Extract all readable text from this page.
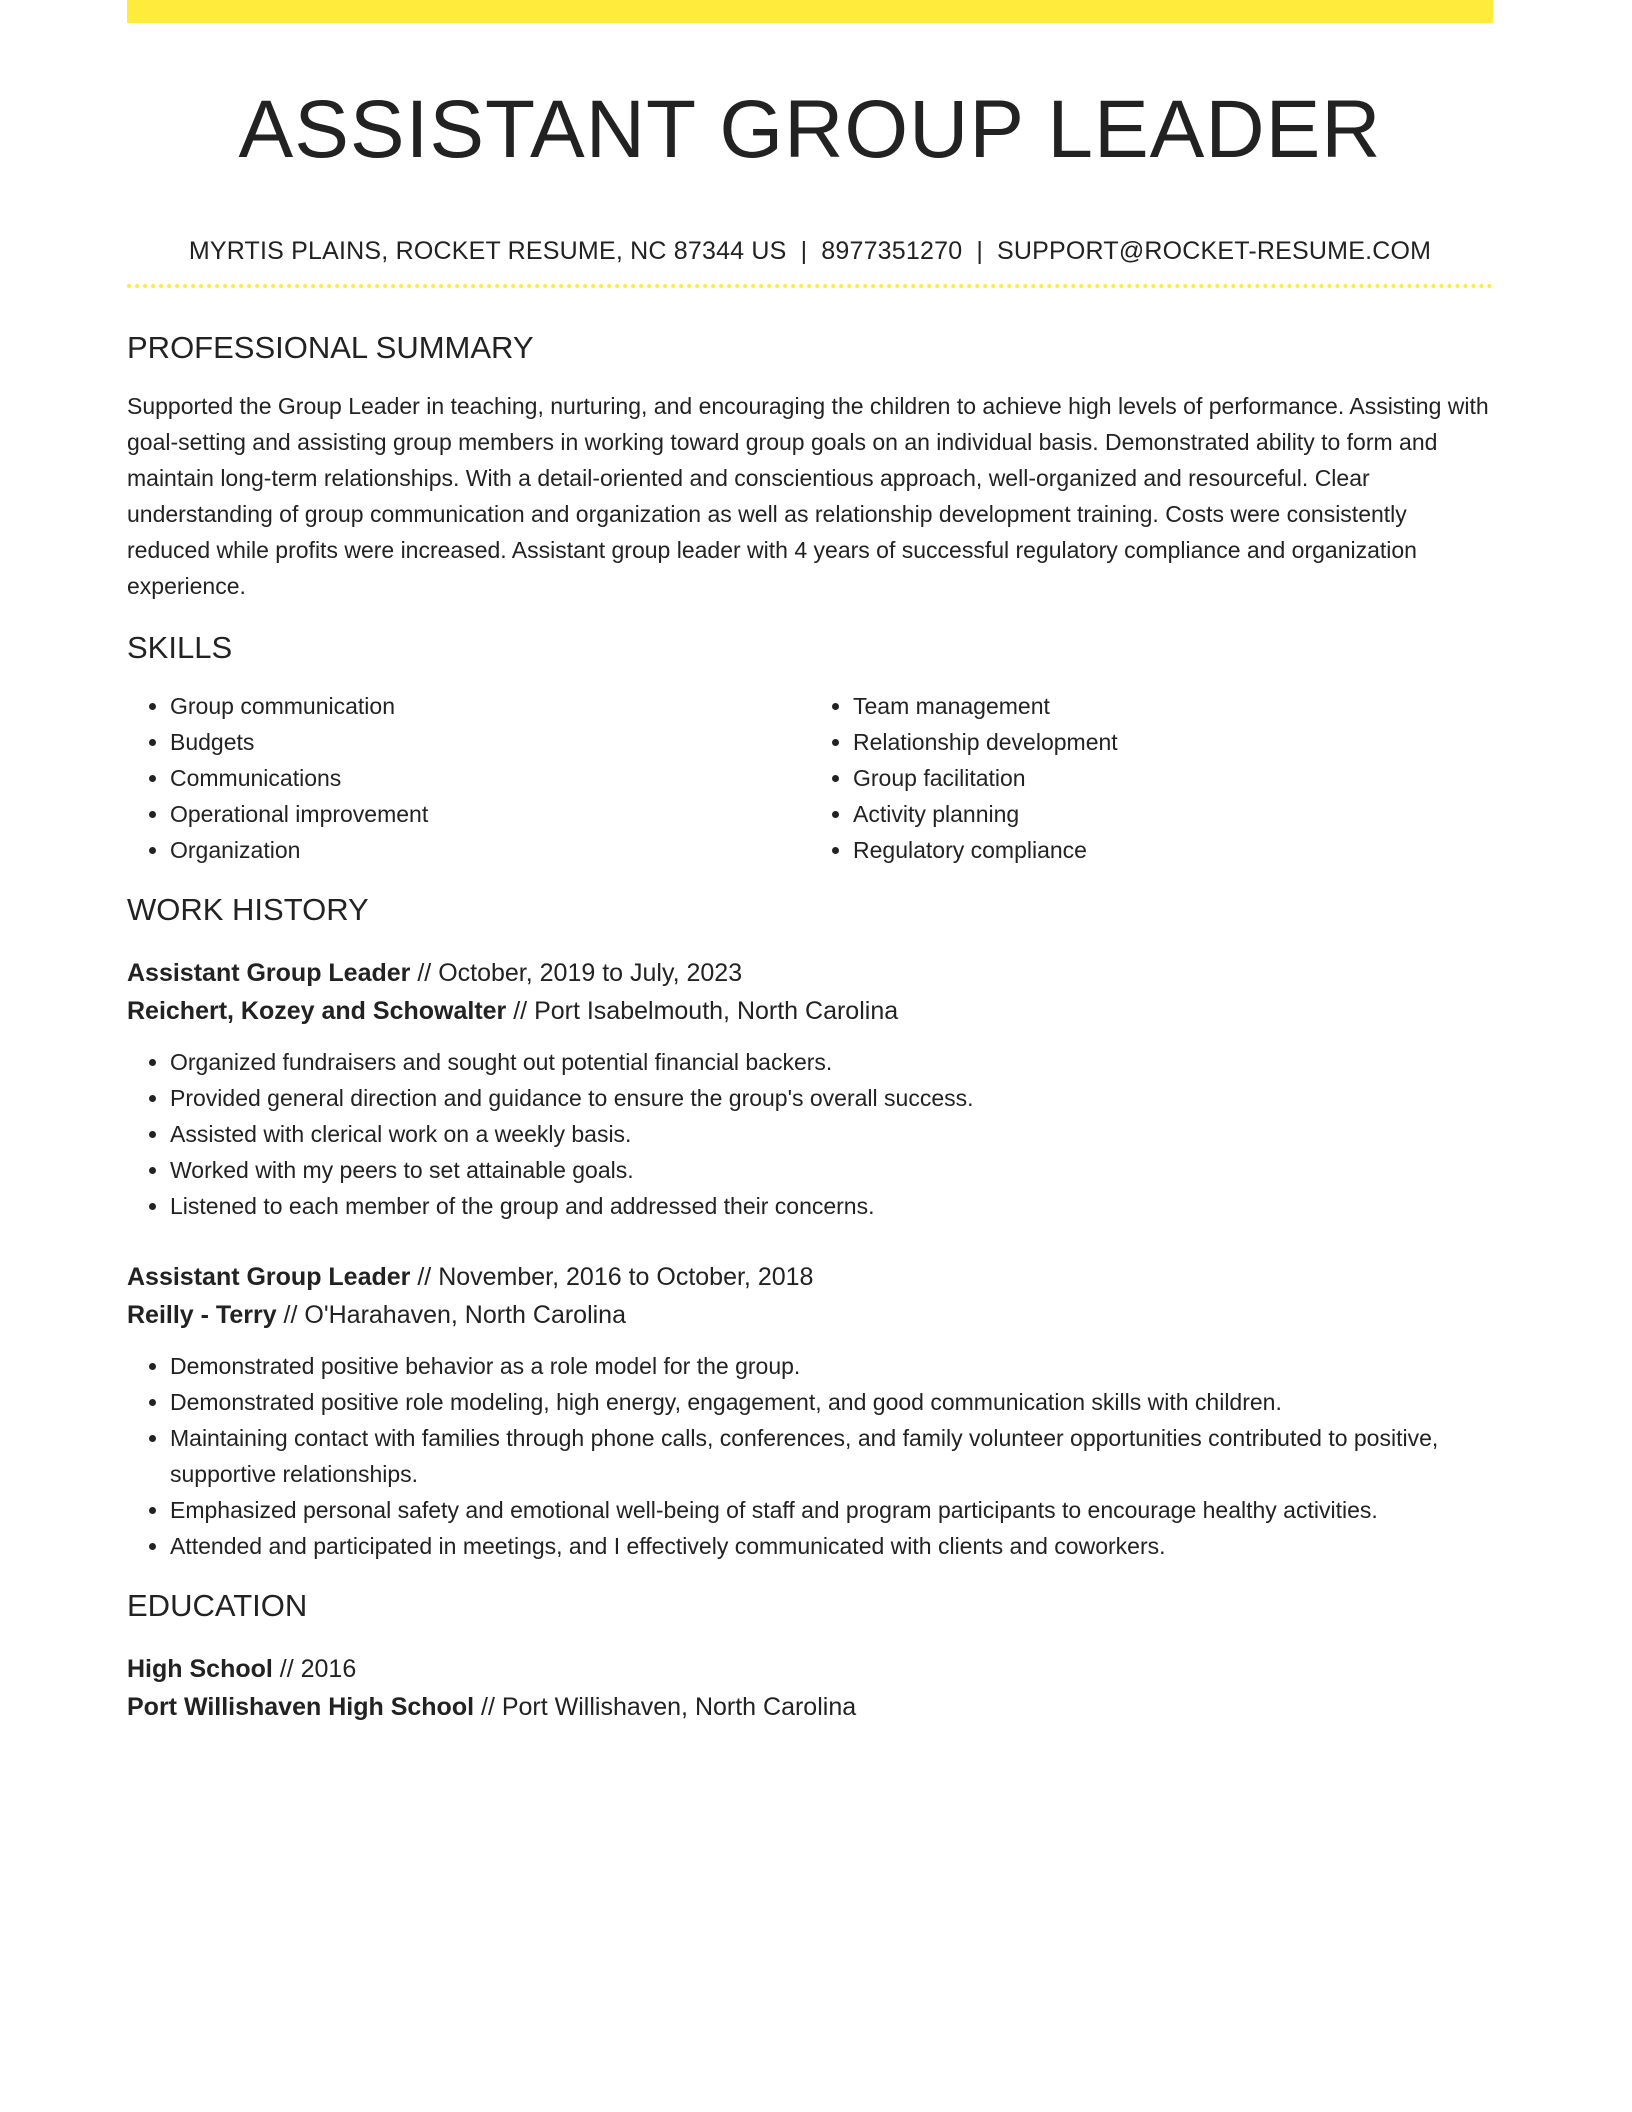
ASSISTANT GROUP LEADER
MYRTIS PLAINS, ROCKET RESUME, NC 87344 US | 8977351270 | SUPPORT@ROCKET-RESUME.COM
PROFESSIONAL SUMMARY
Supported the Group Leader in teaching, nurturing, and encouraging the children to achieve high levels of performance. Assisting with goal-setting and assisting group members in working toward group goals on an individual basis. Demonstrated ability to form and maintain long-term relationships. With a detail-oriented and conscientious approach, well-organized and resourceful. Clear understanding of group communication and organization as well as relationship development training. Costs were consistently reduced while profits were increased. Assistant group leader with 4 years of successful regulatory compliance and organization experience.
SKILLS
• Group communication
• Budgets
• Communications
• Operational improvement
• Organization
• Team management
• Relationship development
• Group facilitation
• Activity planning
• Regulatory compliance
WORK HISTORY
Assistant Group Leader // October, 2019 to July, 2023
Reichert, Kozey and Schowalter // Port Isabelmouth, North Carolina
• Organized fundraisers and sought out potential financial backers.
• Provided general direction and guidance to ensure the group's overall success.
• Assisted with clerical work on a weekly basis.
• Worked with my peers to set attainable goals.
• Listened to each member of the group and addressed their concerns.
Assistant Group Leader // November, 2016 to October, 2018
Reilly - Terry // O'Harahaven, North Carolina
• Demonstrated positive behavior as a role model for the group.
• Demonstrated positive role modeling, high energy, engagement, and good communication skills with children.
• Maintaining contact with families through phone calls, conferences, and family volunteer opportunities contributed to positive, supportive relationships.
• Emphasized personal safety and emotional well-being of staff and program participants to encourage healthy activities.
• Attended and participated in meetings, and I effectively communicated with clients and coworkers.
EDUCATION
High School // 2016
Port Willishaven High School // Port Willishaven, North Carolina
